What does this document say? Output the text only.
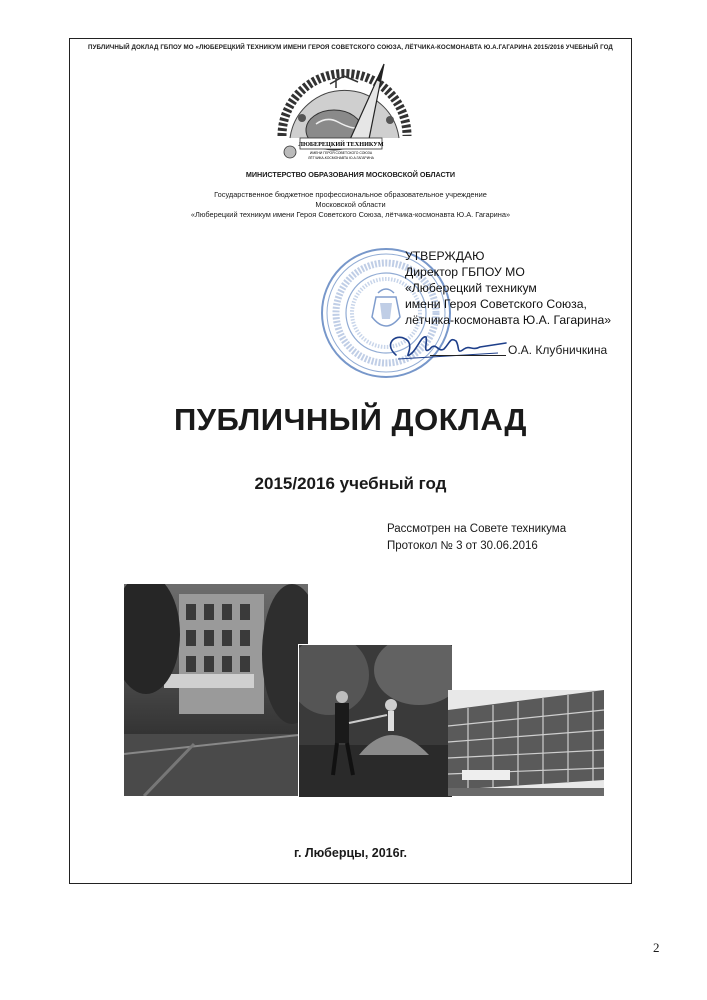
ПУБЛИЧНЫЙ ДОКЛАД ГБПОУ МО «ЛЮБЕРЕЦКИЙ ТЕХНИКУМ ИМЕНИ ГЕРОЯ СОВЕТСКОГО СОЮЗА, ЛЁТЧИКА-КОСМОНАВТА Ю.А.ГАГАРИНА 2015/2016 УЧЕБНЫЙ ГОД
ЛЮБЕРЕЦКИЙ ТЕХНИКУМ
ИМЕНИ ГЕРОЯ СОВЕТСКОГО СОЮЗА
ЛЁТЧИКА-КОСМОНАВТА Ю.А.ГАГАРИНА
МИНИСТЕРСТВО ОБРАЗОВАНИЯ МОСКОВСКОЙ ОБЛАСТИ
Государственное бюджетное профессиональное образовательное учреждение
Московской области
«Люберецкий техникум имени Героя Советского Союза, лётчика-космонавта Ю.А. Гагарина»
УТВЕРЖДАЮ
Директор ГБПОУ МО
«Люберецкий техникум
имени Героя Советского Союза,
лётчика-космонавта Ю.А. Гагарина»
О.А. Клубничкина
ПУБЛИЧНЫЙ ДОКЛАД
2015/2016 учебный год
Рассмотрен на Совете техникума
Протокол № 3 от 30.06.2016
г. Люберцы, 2016г.
2
